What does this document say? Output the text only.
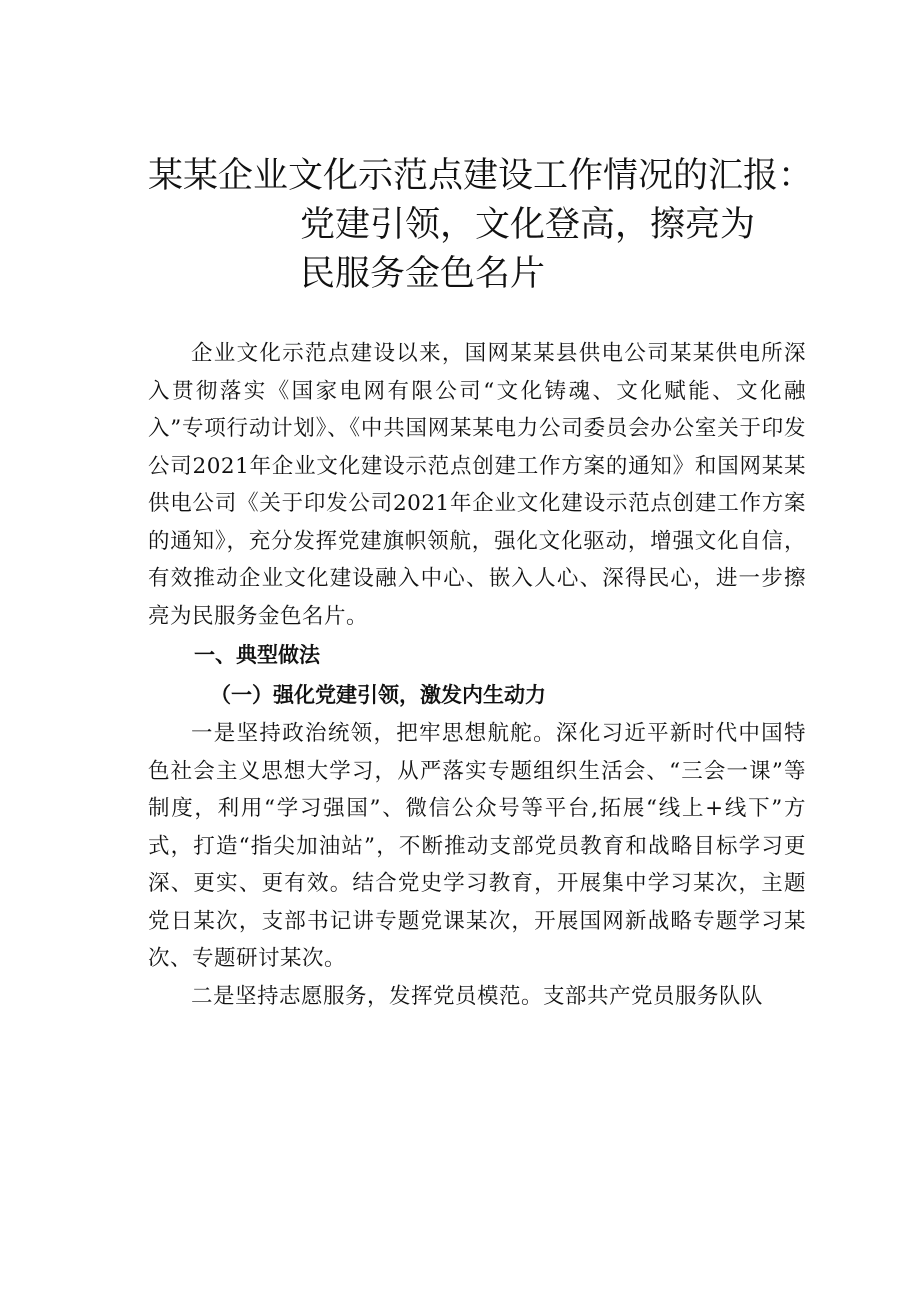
某某企业文化示范点建设工作情况的汇报：
党建引领，文化登高，擦亮为民服务金色名片

企业文化示范点建设以来，国网某某县供电公司某某供电所深入贯彻落实《国家电网有限公司“文化铸魂、文化赋能、文化融入”专项行动计划》、《中共国网某某电力公司委员会办公室关于印发公司2021年企业文化建设示范点创建工作方案的通知》和国网某某供电公司《关于印发公司2021年企业文化建设示范点创建工作方案的通知》，充分发挥党建旗帜领航，强化文化驱动，增强文化自信，有效推动企业文化建设融入中心、嵌入人心、深得民心，进一步擦亮为民服务金色名片。

一、典型做法

（一）强化党建引领，激发内生动力

一是坚持政治统领，把牢思想航舵。深化习近平新时代中国特色社会主义思想大学习，从严落实专题组织生活会、“三会一课”等制度，利用“学习强国”、微信公众号等平台,拓展“线上+线下”方式，打造“指尖加油站”，不断推动支部党员教育和战略目标学习更深、更实、更有效。结合党史学习教育，开展集中学习某次，主题党日某次，支部书记讲专题党课某次，开展国网新战略专题学习某次、专题研讨某次。

二是坚持志愿服务，发挥党员模范。支部共产党员服务队队
